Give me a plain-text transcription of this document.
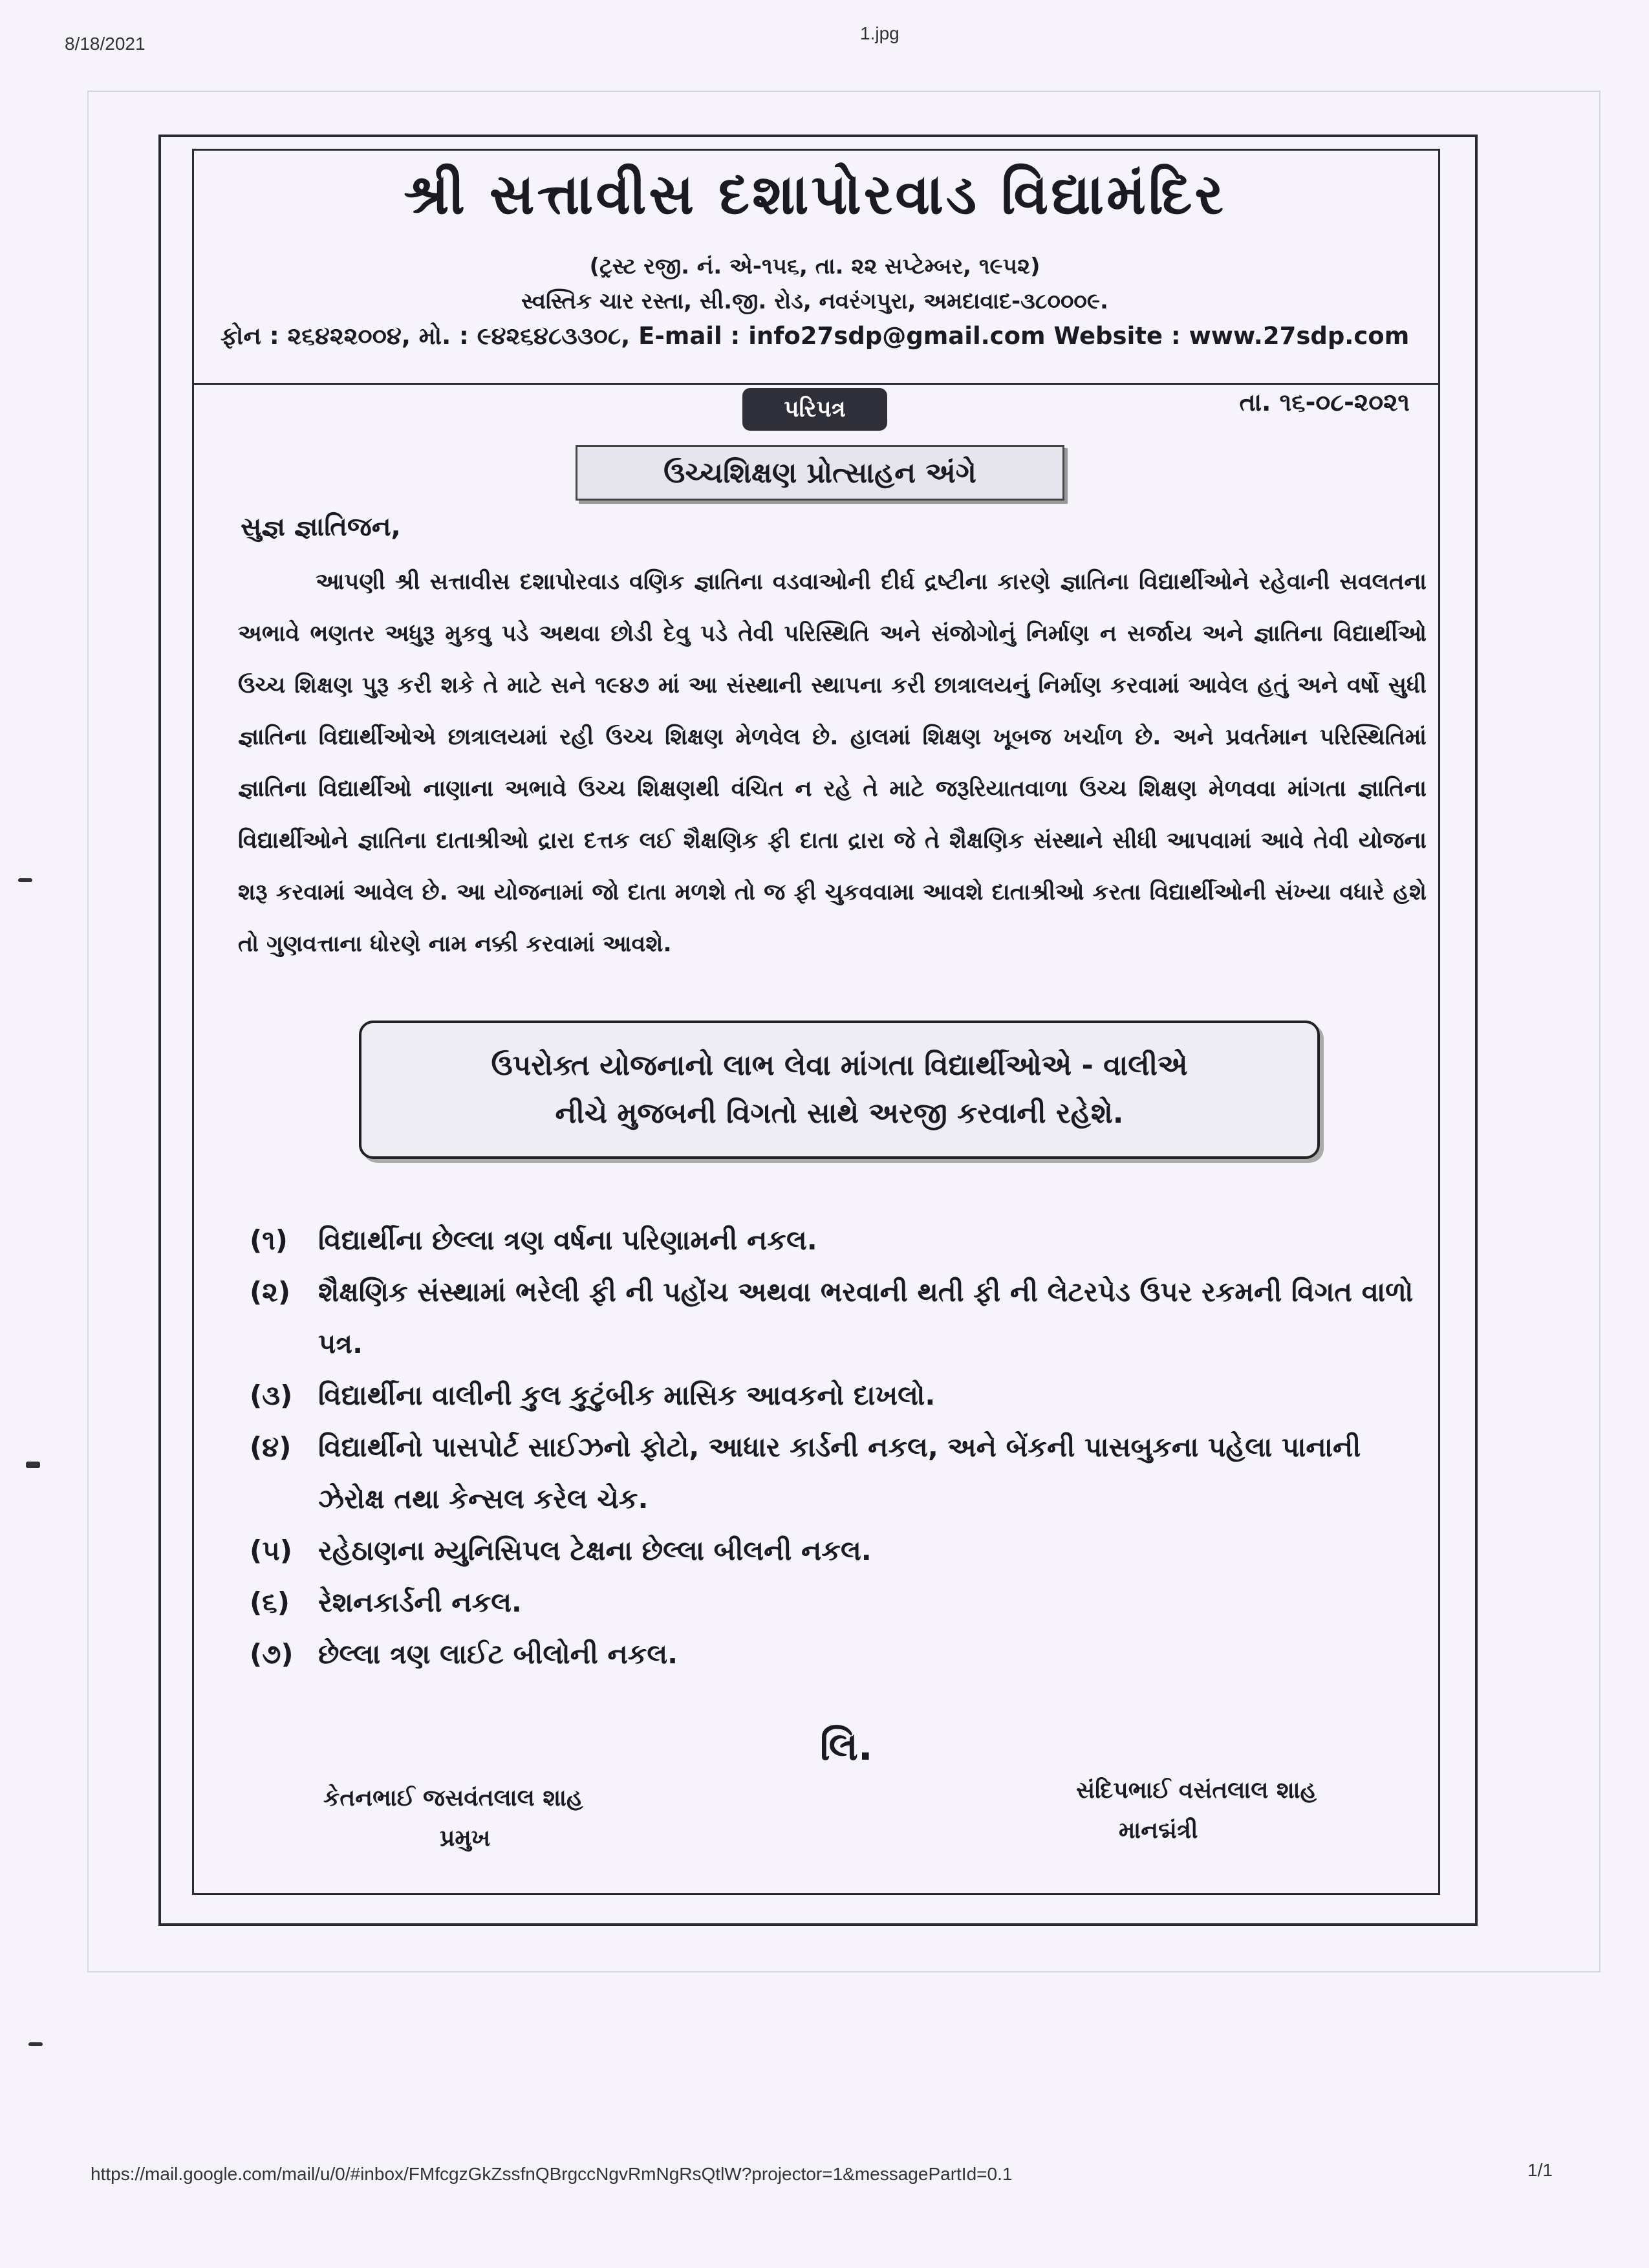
8/18/2021
1.jpg
શ્રી સત્તાવીસ દશાપોરવાડ વિદ્યામંદિર
(ટ્રસ્ટ રજી. નં. એ-૧૫૬, તા. ૨૨ સપ્ટેમ્બર, ૧૯૫૨)
સ્વસ્તિક ચાર રસ્તા, સી.જી. રોડ, નવરંગપુરા, અમદાવાદ-૩૮૦૦૦૯.
ફોન : ૨૬૪૨૨૦૦૪, મો. : ૯૪૨૬૪૮૩૩૦૮, E-mail : info27sdp@gmail.com Website : www.27sdp.com
પરિપત્ર	તા. ૧૬-૦૮-૨૦૨૧
ઉચ્ચશિક્ષણ પ્રોત્સાહન અંગે
સુજ્ઞ જ્ઞાતિજન,
આપણી શ્રી સત્તાવીસ દશાપોરવાડ વણિક જ્ઞાતિના વડવાઓની દીર્ઘ દ્રષ્ટીના કારણે જ્ઞાતિના વિદ્યાર્થીઓને રહેવાની સવલતના અભાવે ભણતર અધુરૂ મુકવુ પડે અથવા છોડી દેવુ પડે તેવી પરિસ્થિતિ અને સંજોગોનું નિર્માણ ન સર્જાય અને જ્ઞાતિના વિદ્યાર્થીઓ ઉચ્ચ શિક્ષણ પુરૂ કરી શકે તે માટે સને ૧૯૪૭ માં આ સંસ્થાની સ્થાપના કરી છાત્રાલયનું નિર્માણ કરવામાં આવેલ હતું અને વર્ષો સુધી જ્ઞાતિના વિદ્યાર્થીઓએ છાત્રાલયમાં રહી ઉચ્ચ શિક્ષણ મેળવેલ છે. હાલમાં શિક્ષણ ખૂબજ ખર્ચાળ છે. અને પ્રવર્તમાન પરિસ્થિતિમાં જ્ઞાતિના વિદ્યાર્થીઓ નાણાના અભાવે ઉચ્ચ શિક્ષણથી વંચિત ન રહે તે માટે જરૂરિયાતવાળા ઉચ્ચ શિક્ષણ મેળવવા માંગતા જ્ઞાતિના વિદ્યાર્થીઓને જ્ઞાતિના દાતાશ્રીઓ દ્રારા દત્તક લઈ શૈક્ષણિક ફી દાતા દ્રારા જે તે શૈક્ષણિક સંસ્થાને સીધી આપવામાં આવે તેવી યોજના શરૂ કરવામાં આવેલ છે. આ યોજનામાં જો દાતા મળશે તો જ ફી ચુકવવામા આવશે દાતાશ્રીઓ કરતા વિદ્યાર્થીઓની સંખ્યા વધારે હશે તો ગુણવત્તાના ધોરણે નામ નક્કી કરવામાં આવશે.
ઉપરોક્ત યોજનાનો લાભ લેવા માંગતા વિદ્યાર્થીઓએ - વાલીએ
નીચે મુજબની વિગતો સાથે અરજી કરવાની રહેશે.
(૧)	વિદ્યાર્થીના છેલ્લા ત્રણ વર્ષના પરિણામની નકલ.
(૨)	શૈક્ષણિક સંસ્થામાં ભરેલી ફી ની પહોંચ અથવા ભરવાની થતી ફી ની લેટરપેડ ઉપર રકમની વિગત વાળો પત્ર.
(૩) વિદ્યાર્થીના વાલીની કુલ કુટુંબીક માસિક આવકનો દાખલો.
(૪) વિદ્યાર્થીનો પાસપોર્ટ સાઈઝનો ફોટો, આધાર કાર્ડની નકલ, અને બેંકની પાસબુકના પહેલા પાનાની ઝેરોક્ષ તથા કેન્સલ કરેલ ચેક.
(૫) રહેઠાણના મ્યુનિસિપલ ટેક્ષના છેલ્લા બીલની નકલ.
(૬)	રેશનકાર્ડની નકલ.
(૭) છેલ્લા ત્રણ લાઈટ બીલોની નકલ.
લિ.
કેતનભાઈ જસવંતલાલ શાહ
પ્રમુખ
સંદિપભાઈ વસંતલાલ શાહ
માનદ્મંત્રી
https://mail.google.com/mail/u/0/#inbox/FMfcgzGkZssfnQBrgccNgvRmNgRsQtlW?projector=1&messagePartId=0.1	1/1
